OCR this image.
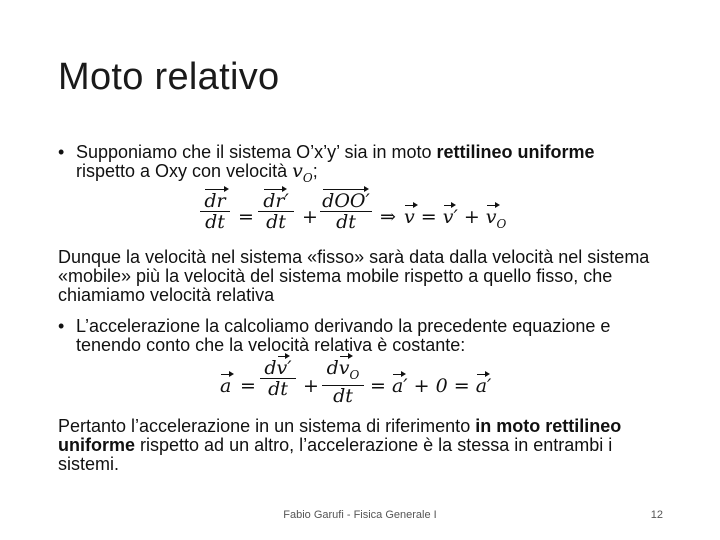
Moto relativo
• Supponiamo che il sistema O’x’y’ sia in moto rettilineo uniforme
rispetto a Oxy con velocità $v_O$;
$\frac{dr}{dt} = \frac{dr'}{dt}$ +
dOO′
dt	⇒ $v = v' + v_O$
Dunque la velocità nel sistema «fisso» sarà data dalla velocità nel sistema «mobile» più la velocità del sistema mobile rispetto a quello fisso, che chiamiamo velocità relativa
• L’accelerazione la calcoliamo derivando la precedente equazione e tenendo conto che la velocità relativa è costante:
$a = \frac{dv'}{dt}$ +
$dv_O$
dt = a′ + 0 = a′
Pertanto l’accelerazione in un sistema di riferimento in moto rettilineo uniforme rispetto ad un altro, l’accelerazione è la stessa in entrambi i sistemi.
Fabio Garufi - Fisica Generale I	12
